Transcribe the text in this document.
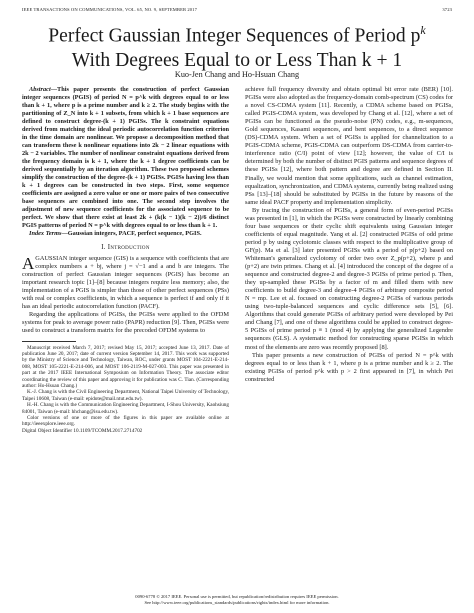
IEEE TRANSACTIONS ON COMMUNICATIONS, VOL. 65, NO. 9, SEPTEMBER 2017	3723
Perfect Gaussian Integer Sequences of Period $p^k$
With Degrees Equal to or Less Than k + 1
Kuo-Jen Chang and Ho-Hsuan Chang

Abstract—This paper presents the construction of perfect Gaussian integer sequences (PGIS) of period N = p^k with degrees equal to or less than k + 1, where p is a prime number and k ≥ 2. The study begins with the partitioning of Z_N into k + 1 subsets, from which k + 1 base sequences are defined to construct degree-(k + 1) PGISs. The k constraint equations derived from matching the ideal periodic autocorrelation function criterion in the time domain are nonlinear. We propose a decomposition method that can transform these k nonlinear equations into 2k − 2 linear equations with 2k − 2 variables. The number of nonlinear constraint equations derived from the frequency domain is k + 1, where the k + 1 degree coefficients can be derived sequentially by an iteration algorithm. These two proposed schemes simplify the construction of the degree-(k + 1) PGISs. PGISs having less than k + 1 degrees can be constructed in two steps. First, some sequence coefficients are assigned a zero value or one or more pairs of two consecutive base sequences are combined into one. The second step involves the adjustment of new sequence coefficients for the associated sequence to be perfect. We show that there exist at least 2k + (k(k − 1)(k − 2))/6 distinct PGIS patterns of period N = p^k with degrees equal to or less than k + 1.

Index Terms—Gaussian integers, PACF, perfect sequence, PGIS.

I. Introduction

A GAUSSIAN integer sequence (GIS) is a sequence with coefficients that are complex numbers a + bj, where j = √−1 and a and b are integers. The construction of perfect Gaussian integer sequences (PGIS) has become an important research topic [1]–[8] because integers require less memory; also, the implementation of a PGIS is simpler than those of other perfect sequences (PSs) with real or complex coefficients, in which a sequence is perfect if and only if it has an ideal periodic autocorrelation function (PACF).

Regarding the applications of PGISs, the PGISs were applied to the OFDM systems for peak to average power ratio (PAPR) reduction [9]. Then, PGISs were used to construct a transform matrix for the precoded OFDM systems to

Manuscript received March 7, 2017; revised May 15, 2017; accepted June 13, 2017. Date of publication June 20, 2017; date of current version September 14, 2017. This work was supported by the Ministry of Science and Technology, Taiwan, ROC, under grants MOST 104-2221-E-214-008, MOST 105-2221-E-214-006, and MOST 106-2119-M-027-003. This paper was presented in part at the 2017 IEEE International Symposium on Information Theory. The associate editor coordinating the review of this paper and approving it for publication was C. Tian. (Corresponding author: Ho-Hsuan Chang.)

K.-J. Chang is with the Civil Engineering Department, National Taipei University of Technology, Taipei 10608, Taiwan (e-mail: epidote@mail.ntut.edu.tw).

H.-H. Chang is with the Communication Engineering Department, I-Shou University, Kaohsiung 84001, Taiwan (e-mail: hhchang@isu.edu.tw).

Color versions of one or more of the figures in this paper are available online at http://ieeexplore.ieee.org.

Digital Object Identifier 10.1109/TCOMM.2017.2714702

achieve full frequency diversity and obtain optimal bit error rate (BER) [10]. PGISs were also adopted as the frequency-domain comb-spectrum (CS) codes for a novel CS-CDMA system [11]. Recently, a CDMA scheme based on PGISs, called PGIS-CDMA system, was developed by Chang et al. [12], where a set of PGISs can be functioned as the pseudo-noise (PN) codes, e.g., m-sequences, Gold sequences, Kasami sequences, and bent sequences, to a direct sequence (DS)-CDMA system. When a set of PGISs is applied for channelization to a PGIS-CDMA scheme, PGIS-CDMA can outperform DS-CDMA from carrier-to-interference ratio (C/I) point of view [12]; however, the value of C/I is determined by both the number of distinct PGIS patterns and sequence degrees of these PGISs [12], where both pattern and degree are defined in Section II. Finally, we would mention that some applications, such as channel estimation, equalization, synchronization, and CDMA systems, currently being realized using PSs [13]–[18] should be substituted by PGISs in the future by reasons of the same ideal PACF property and implementation simplicity.

By tracing the construction of PGISs, a general form of even-period PGISs was presented in [1], in which the PGISs were constructed by linearly combining four base sequences or their cyclic shift equivalents using Gaussian integer coefficients of equal magnitude. Yang et al. [2] constructed PGISs of odd prime period p by using cyclotomic classes with respect to the multiplicative group of GF(p). Ma et al. [3] later presented PGISs with a period of p(p+2) based on Whiteman's generalized cyclotomy of order two over Z_p(p+2), where p and (p+2) are twin primes. Chang et al. [4] introduced the concept of the degree of a sequence and constructed degree-2 and degree-3 PGISs of prime period p. Then, they up-sampled these PGISs by a factor of m and filled them with new coefficients to build degree-3 and degree-4 PGISs of arbitrary composite period N = mp. Lee et al. focused on constructing degree-2 PGISs of various periods using two-tuple-balanced sequences and cyclic difference sets [5], [6]. Algorithms that could generate PGISs of arbitrary period were developed by Pei and Chang [7], and one of these algorithms could be applied to construct degree-5 PGISs of prime period p ≡ 1 (mod 4) by applying the generalized Legendre sequences (GLS). A systematic method for constructing sparse PGISs in which most of the elements are zero was recently proposed [8].

This paper presents a new construction of PGISs of period N = p^k with degrees equal to or less than k + 1, where p is a prime number and k ≥ 2. The existing PGISs of period p^k with p > 2 first appeared in [7], in which Pei constructed

0090-6778 © 2017 IEEE. Personal use is permitted, but republication/redistribution requires IEEE permission.
See http://www.ieee.org/publications_standards/publications/rights/index.html for more information.
